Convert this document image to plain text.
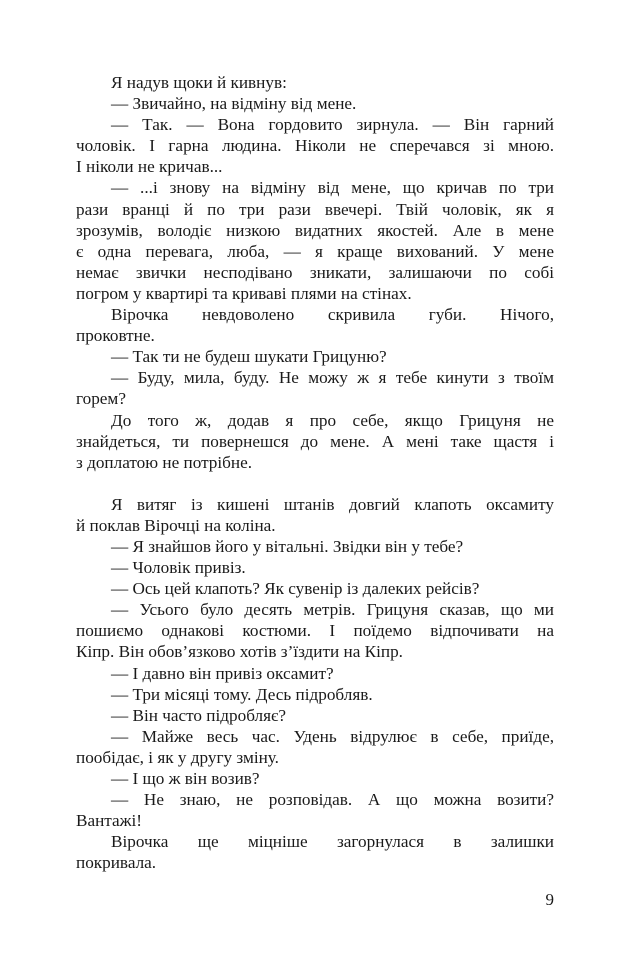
Я надув щоки й кивнув:
— Звичайно, на відміну від мене.
— Так. — Вона гордовито зирнула. — Він гарний
чоловік. І гарна людина. Ніколи не сперечався зі мною.
І ніколи не кричав...
— ...і знову на відміну від мене, що кричав по три
рази вранці й по три рази ввечері. Твій чоловік, як я
зрозумів, володіє низкою видатних якостей. Але в мене
є одна перевага, люба, — я краще вихований. У мене
немає звички несподівано зникати, залишаючи по собі
погром у квартирі та криваві плями на стінах.
Вірочка невдоволено скривила губи. Нічого,
проковтне.
— Так ти не будеш шукати Грицуню?
— Буду, мила, буду. Не можу ж я тебе кинути з твоїм
горем?
До того ж, додав я про себе, якщо Грицуня не
знайдеться, ти повернешся до мене. А мені таке щастя і
з доплатою не потрібне.
Я витяг із кишені штанів довгий клапоть оксамиту
й поклав Вірочці на коліна.
— Я знайшов його у вітальні. Звідки він у тебе?
— Чоловік привіз.
— Ось цей клапоть? Як сувенір із далеких рейсів?
— Усього було десять метрів. Грицуня сказав, що ми
пошиємо однакові костюми. І поїдемо відпочивати на
Кіпр. Він обов’язково хотів з’їздити на Кіпр.
— І давно він привіз оксамит?
— Три місяці тому. Десь підробляв.
— Він часто підробляє?
— Майже весь час. Удень відрулює в себе, приїде,
пообідає, і як у другу зміну.
— І що ж він возив?
— Не знаю, не розповідав. А що можна возити?
Вантажі!
Вірочка ще міцніше загорнулася в залишки
покривала.
9
